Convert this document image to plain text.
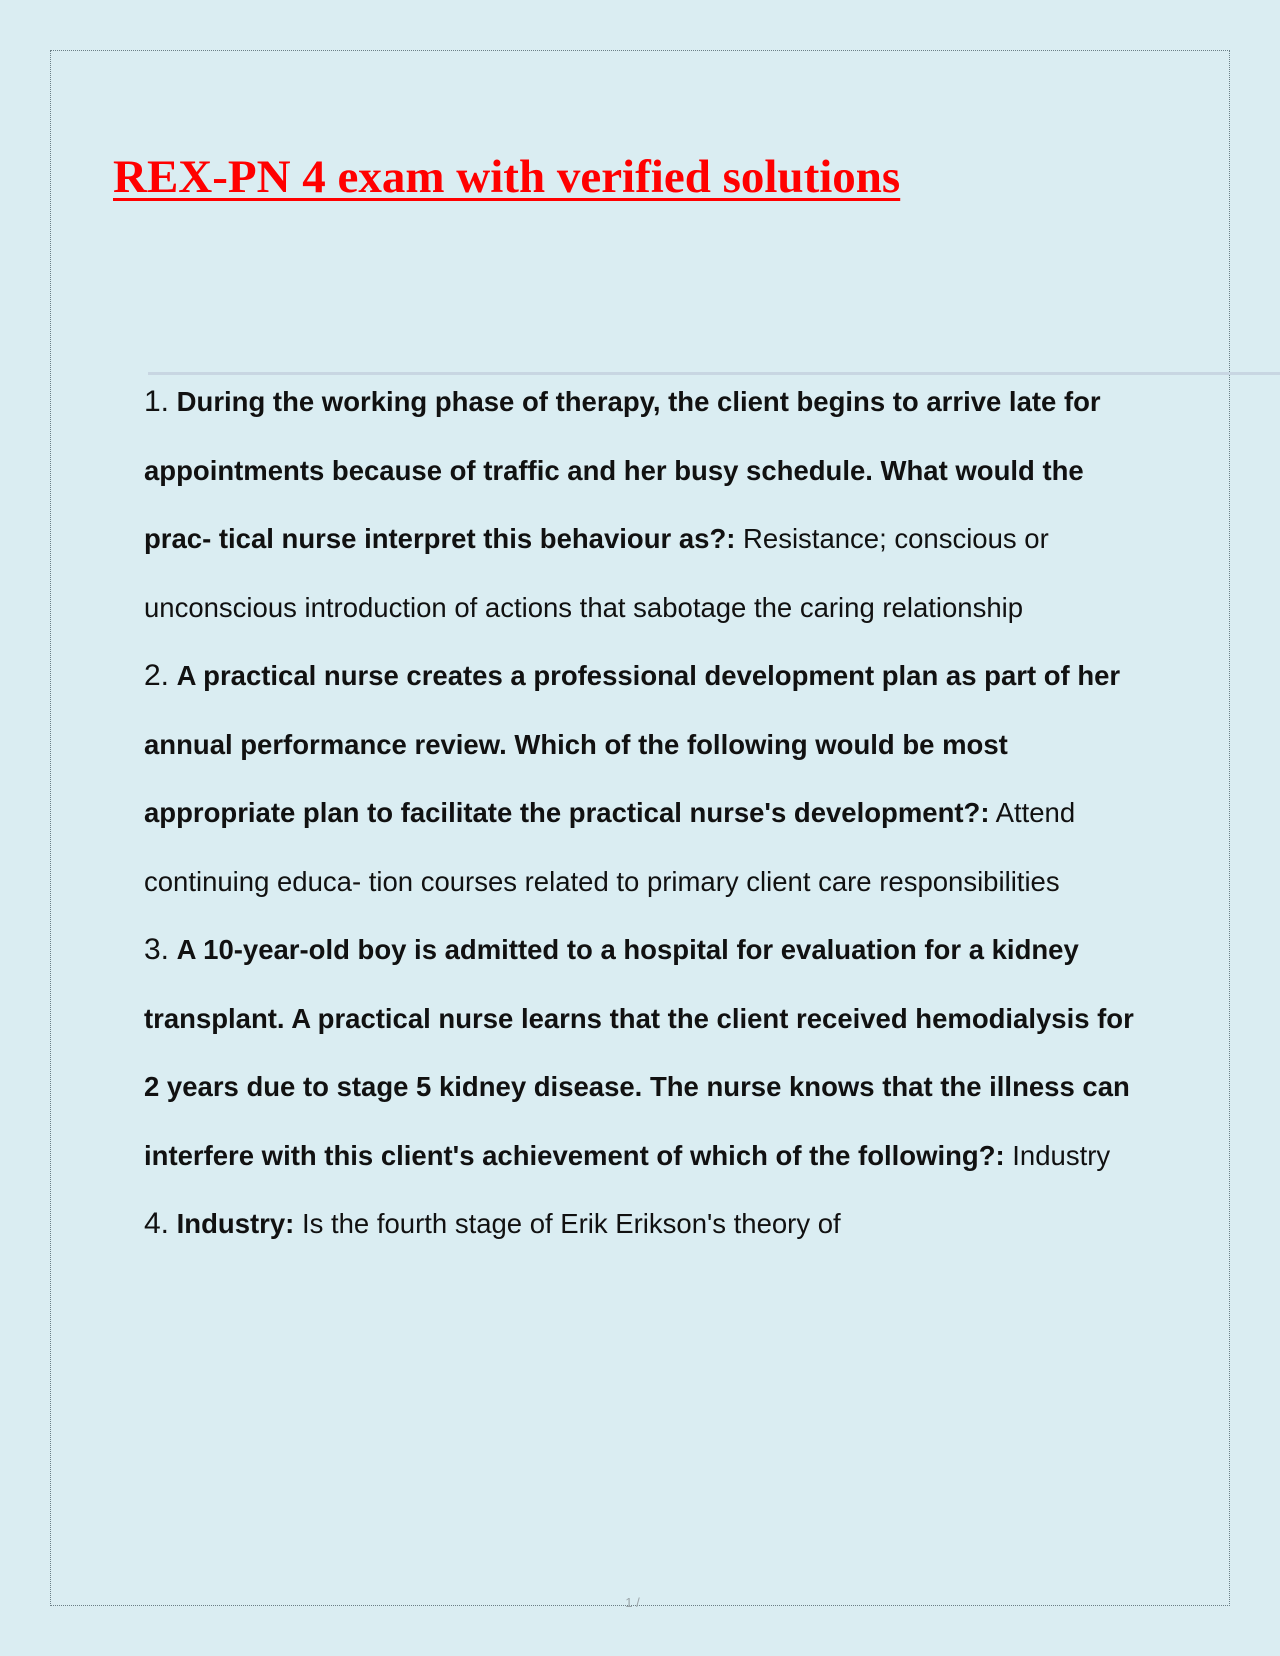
REX-PN 4 exam with verified solutions

1. During the working phase of therapy, the client begins to arrive late for appointments because of traffic and her busy schedule. What would the prac- tical nurse interpret this behaviour as?: Resistance; conscious or unconscious introduction of actions that sabotage the caring relationship

2. A practical nurse creates a professional development plan as part of her annual performance review. Which of the following would be most appropriate plan to facilitate the practical nurse's development?: Attend continuing educa- tion courses related to primary client care responsibilities

3. A 10-year-old boy is admitted to a hospital for evaluation for a kidney transplant. A practical nurse learns that the client received hemodialysis for 2 years due to stage 5 kidney disease. The nurse knows that the illness can interfere with this client's achievement of which of the following?: Industry

4. Industry: Is the fourth stage of Erik Erikson's theory of

1 /
